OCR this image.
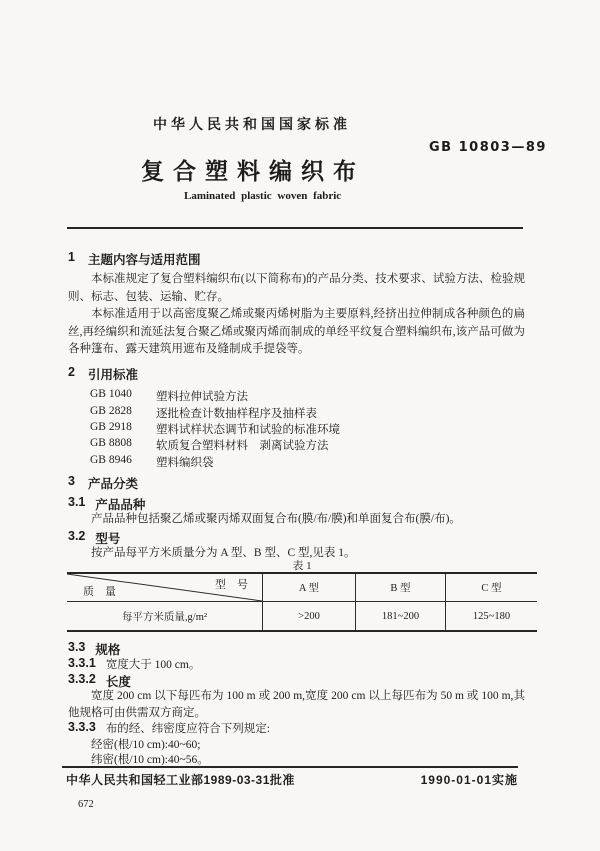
中华人民共和国国家标准
GB 10803—89
复合塑料编织布
Laminated plastic woven fabric
1 主题内容与适用范围
本标准规定了复合塑料编织布(以下简称布)的产品分类、技术要求、试验方法、检验规则、标志、包装、运输、贮存。
本标准适用于以高密度聚乙烯或聚丙烯树脂为主要原料,经挤出拉伸制成各种颜色的扁丝,再经编织和流延法复合聚乙烯或聚丙烯而制成的单经平纹复合塑料编织布,该产品可做为各种篷布、露天建筑用遮布及缝制成手提袋等。
2 引用标准
GB 1040	塑料拉伸试验方法
GB 2828	逐批检查计数抽样程序及抽样表
GB 2918	塑料试样状态调节和试验的标准环境
GB 8808	软质复合塑料材料　剥离试验方法
GB 8946	塑料编织袋
3 产品分类
3.1 产品品种
产品品种包括聚乙烯或聚丙烯双面复合布(膜/布/膜)和单面复合布(膜/布)。
3.2 型号
按产品每平方米质量分为 A 型、B 型、C 型,见表 1。
表 1
型　号
质　量	A 型	B 型	C 型
每平方米质量,g/m²	>200	181~200	125~180
3.3 规格
3.3.1 宽度大于 100 cm。
3.3.2 长度
宽度 200 cm 以下每匹布为 100 m 或 200 m,宽度 200 cm 以上每匹布为 50 m 或 100 m,其他规格可由供需双方商定。
3.3.3 布的经、纬密度应符合下列规定:
经密(根/10 cm):40~60;
纬密(根/10 cm):40~56。
中华人民共和国轻工业部1989-03-31批准	1990-01-01实施
672
